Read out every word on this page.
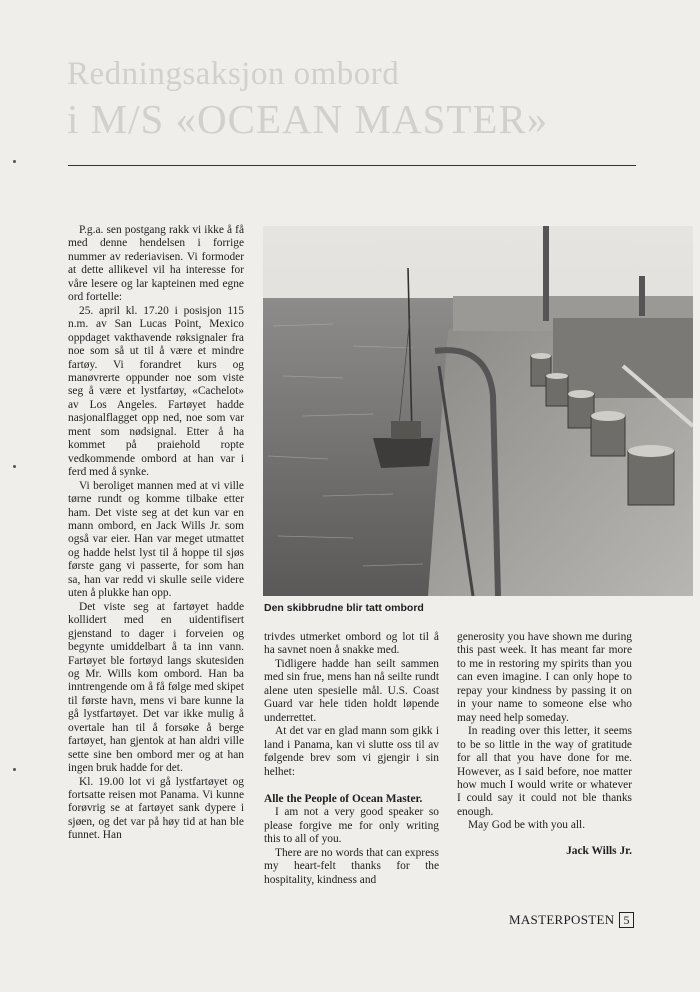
Redningsaksjon ombord
i M/S «OCEAN MASTER»

P.g.a. sen postgang rakk vi ikke å få med denne hendelsen i forrige nummer av rederiavisen. Vi formoder at dette allikevel vil ha interesse for våre lesere og lar kapteinen med egne ord fortelle:

25. april kl. 17.20 i posisjon 115 n.m. av San Lucas Point, Mexico oppdaget vakthavende røksignaler fra noe som så ut til å være et mindre fartøy. Vi forandret kurs og manøvrerte oppunder noe som viste seg å være et lystfartøy, «Cachelot» av Los Angeles. Fartøyet hadde nasjonalflagget opp ned, noe som var ment som nødsignal. Etter å ha kommet på praiehold ropte vedkommende ombord at han var i ferd med å synke.

Vi beroliget mannen med at vi ville tørne rundt og komme tilbake etter ham. Det viste seg at det kun var en mann ombord, en Jack Wills Jr. som også var eier. Han var meget utmattet og hadde helst lyst til å hoppe til sjøs første gang vi passerte, for som han sa, han var redd vi skulle seile videre uten å plukke han opp.

Det viste seg at fartøyet hadde kollidert med en uidentifisert gjenstand to dager i forveien og begynte umiddelbart å ta inn vann. Fartøyet ble fortøyd langs skutesiden og Mr. Wills kom ombord. Han ba inntrengende om å få følge med skipet til første havn, mens vi bare kunne la gå lystfartøyet. Det var ikke mulig å overtale han til å forsøke å berge fartøyet, han gjentok at han aldri ville sette sine ben ombord mer og at han ingen bruk hadde for det.

Kl. 19.00 lot vi gå lystfartøyet og fortsatte reisen mot Panama. Vi kunne forøvrig se at fartøyet sank dypere i sjøen, og det var på høy tid at han ble funnet. Han

Den skibbrudne blir tatt ombord

trivdes utmerket ombord og lot til å ha savnet noen å snakke med.

Tidligere hadde han seilt sammen med sin frue, mens han nå seilte rundt alene uten spesielle mål. U.S. Coast Guard var hele tiden holdt løpende underrettet.

At det var en glad mann som gikk i land i Panama, kan vi slutte oss til av følgende brev som vi gjengir i sin helhet:

Alle the People of Ocean Master.

I am not a very good speaker so please forgive me for only writing this to all of you.

There are no words that can express my heart-felt thanks for the hospitality, kindness and

generosity you have shown me during this past week. It has meant far more to me in restoring my spirits than you can even imagine. I can only hope to repay your kindness by passing it on in your name to someone else who may need help someday.

In reading over this letter, it seems to be so little in the way of gratitude for all that you have done for me. However, as I said before, noe matter how much I would write or whatever I could say it could not ble thanks enough.

May God be with you all.

Jack Wills Jr.

MASTERPOSTEN 5
